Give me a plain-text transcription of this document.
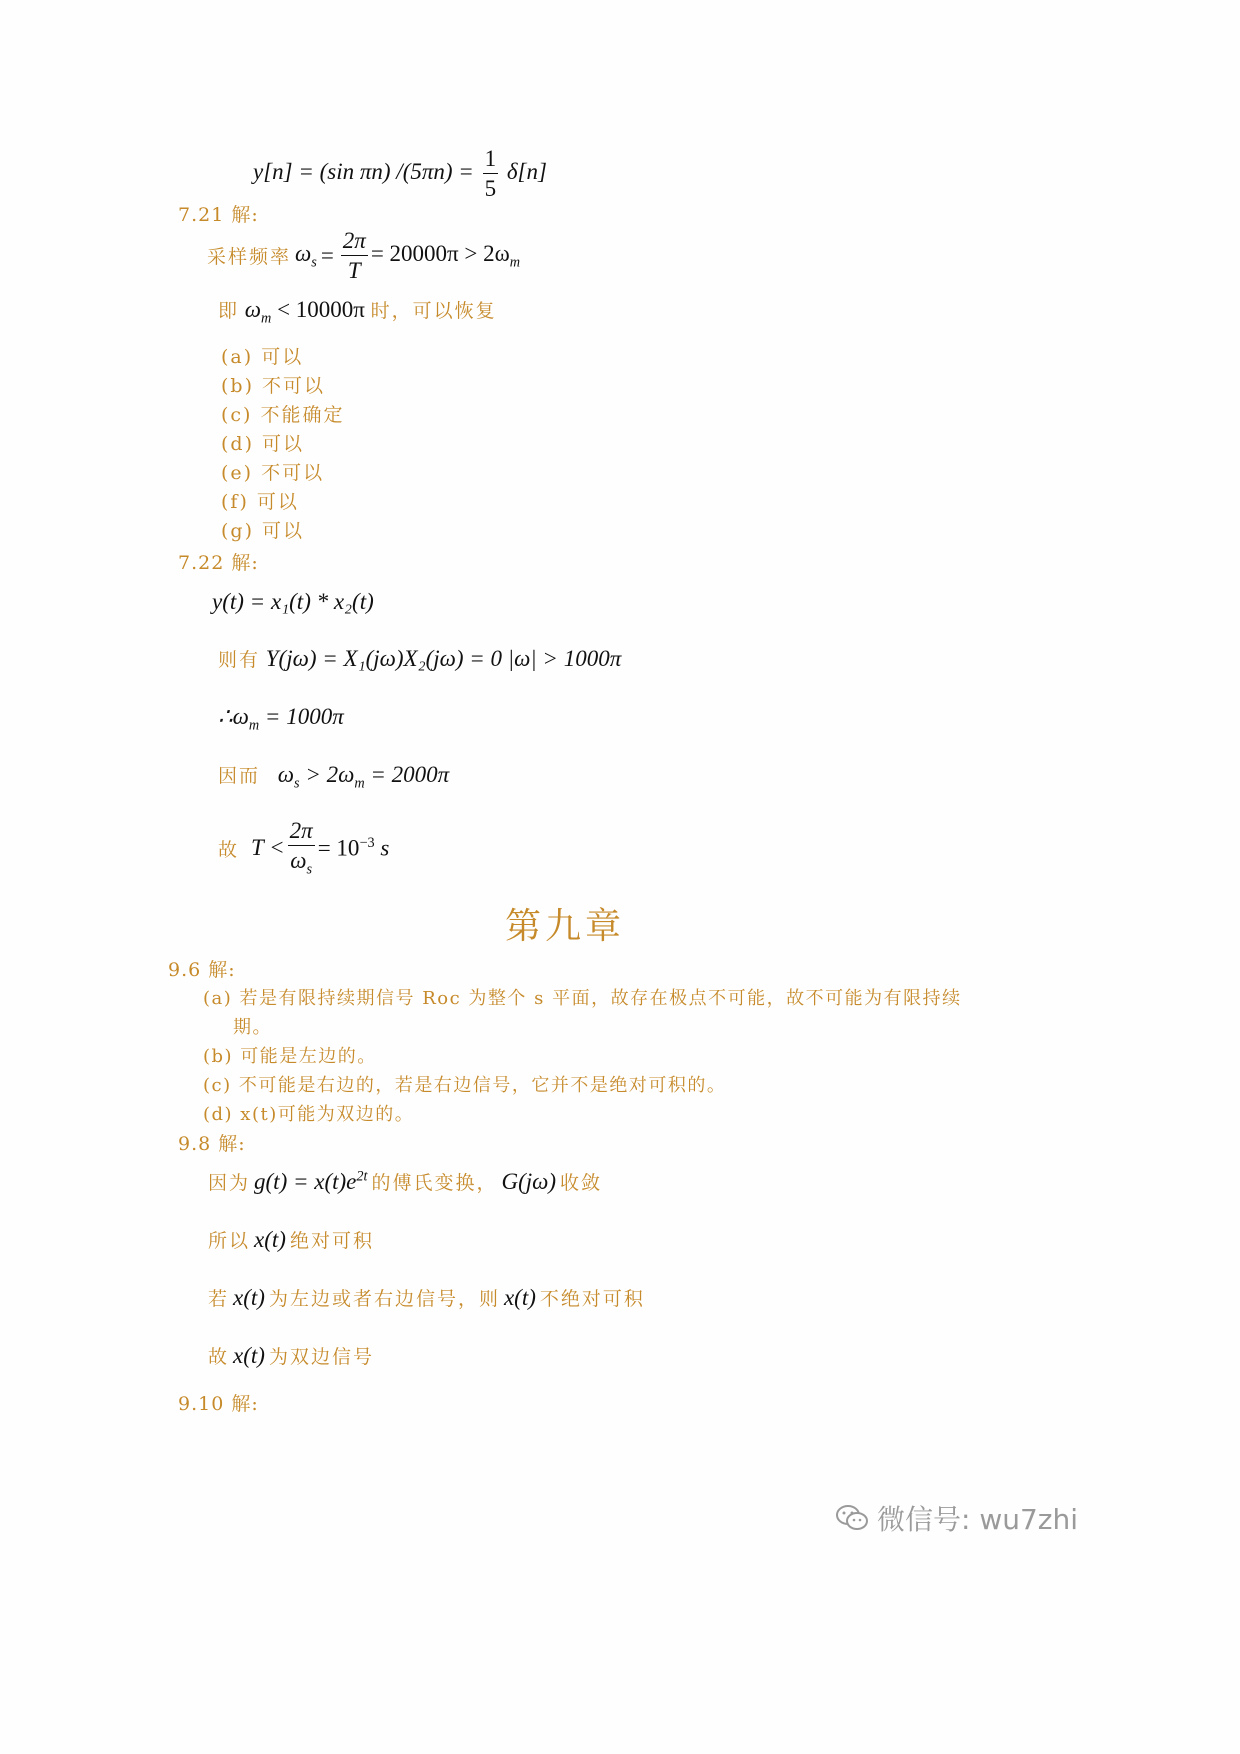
y[n] = (sin πn) $/(5\pi n) = \frac{1}{5} \delta[n]$
7.21 解:
采样频率 $\omega_s = \frac{2\pi}{T} = 20000\pi > 2\omega_m$
即 $\omega_m < 10000\pi$ 时，可以恢复
(a) 可以
(b) 不可以
(c) 不能确定
(d) 可以
(e) 不可以
(f) 可以
(g) 可以
7.22 解:
y(t) = x₁(t) * x₂(t)
则有 Y(jω) = X₁(jω)X₂(jω) = 0 |ω| > 1000π
$\therefore\omega_m = 1000\pi$
因而 $\omega_s > 2\omega_m = 2000\pi$
故 $T < \frac{2\pi}{\omega_s} = 10^{-3}$ s
第九章
9.6 解:
(a) 若是有限持续期信号 Roc 为整个 s 平面，故存在极点不可能，故不可能为有限持续
期。
(b) 可能是左边的。
(c) 不可能是右边的，若是右边信号，它并不是绝对可积的。
(d) x(t)可能为双边的。
9.8 解:
因为 $g(t) = x(t)e^{2t}$ 的傅氏变换， G(jω) 收敛
所以 x(t) 绝对可积
若 x(t) 为左边或者右边信号，则 x(t) 不绝对可积
故 x(t) 为双边信号
9.10 解:
微信号: wu7zhi
